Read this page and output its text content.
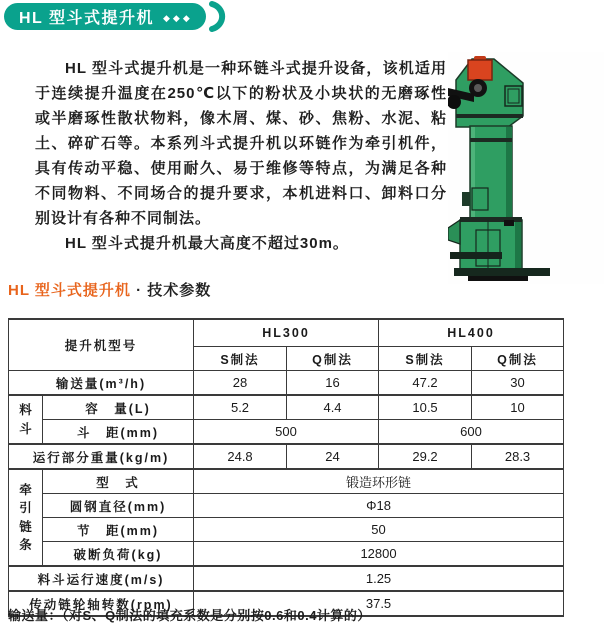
HL 型斗式提升机 ◆◆◆

HL 型斗式提升机是一种环链斗式提升设备，该机适用于连续提升温度在250℃以下的粉状及小块状的无磨琢性或半磨琢性散状物料，像木屑、煤、砂、焦粉、水泥、粘土、碎矿石等。本系列斗式提升机以环链作为牵引机件，具有传动平稳、使用耐久、易于维修等特点，为满足各种不同物料、不同场合的提升要求，本机进料口、卸料口分别设计有各种不同制法。

HL 型斗式提升机最大高度不超过30m。

HL 型斗式提升机 · 技术参数
提升机型号		HL300		HL400	
		S制法	Q制法	S制法	Q制法
输送量(m³/h)		28	16	47.2	30
料斗	容　量(L)	5.2	4.4	10.5	10
	斗　距(mm)	500		600	
运行部分重量(kg/m)		24.8	24	29.2	28.3
牵引链条	型　式	锻造环形链			
	圆钢直径(mm)	Φ18			
	节　距(mm)	50			
	破断负荷(kg)	12800			
料斗运行速度(m/s)		1.25			
传动链轮轴转数(rpm)		37.5			
输送量：（对S、Q制法的填充系数是分别按0.6和0.4计算的）
